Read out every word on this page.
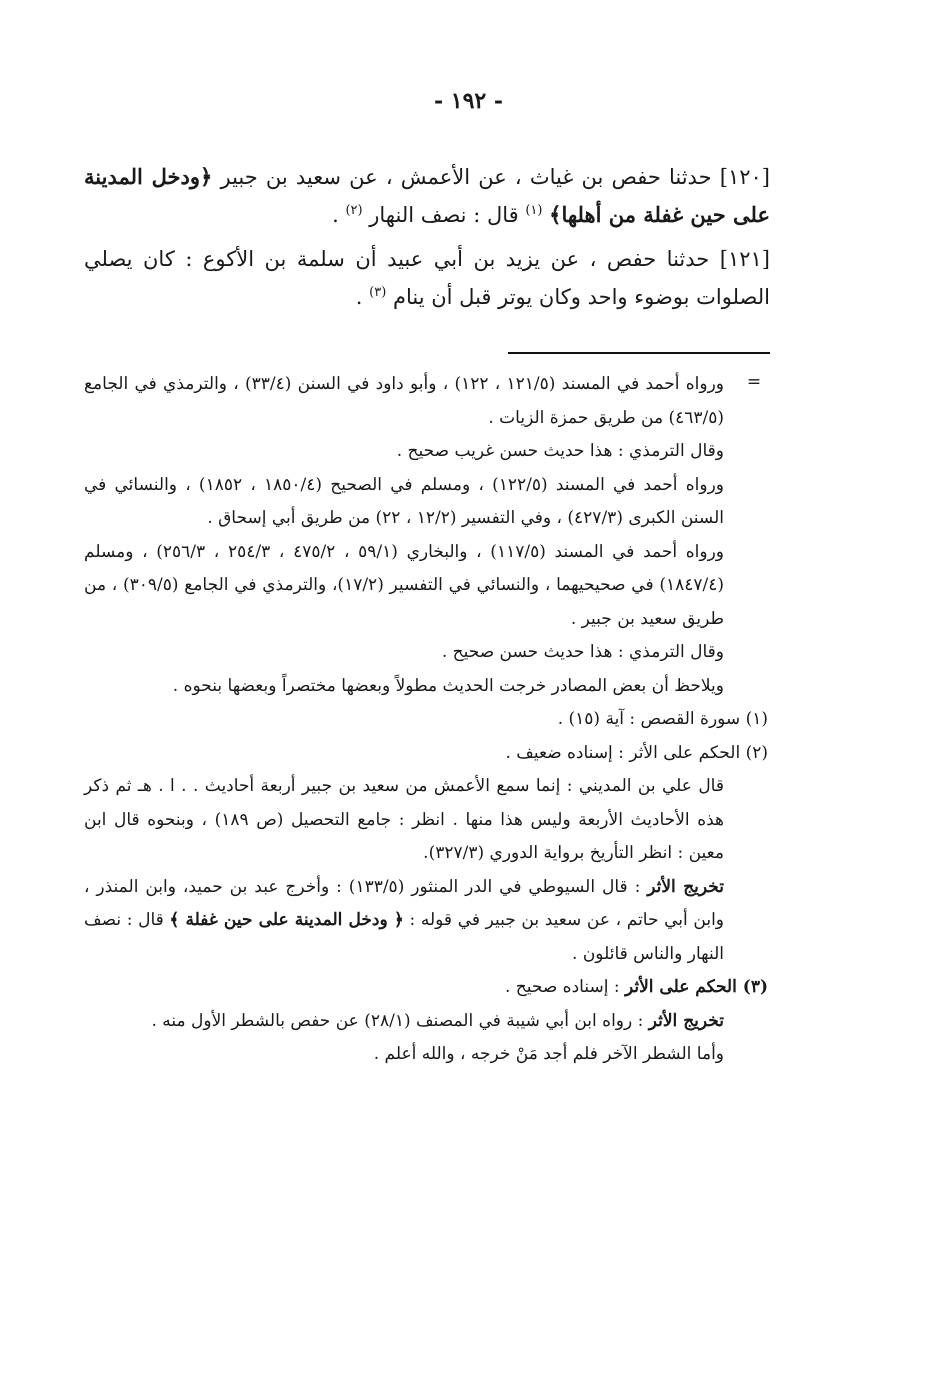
- ١٩٢ -

[١٢٠] حدثنا حفص بن غياث ، عن الأعمش ، عن سعيد بن جبير ﴿ودخل المدينة على حين غفلة من أهلها﴾ $^{(١)}$ قال : نصف النهار $^{(٢)}$ .

[١٢١] حدثنا حفص ، عن يزيد بن أبي عبيد أن سلمة بن الأكوع : كان يصلي الصلوات بوضوء واحد وكان يوتر قبل أن ينام $^{(٣)}$ .

=

ورواه أحمد في المسند (١٢١/٥ ، ١٢٢) ، وأبو داود في السنن (٣٣/٤) ، والترمذي في الجامع (٤٦٣/٥) من طريق حمزة الزيات .

وقال الترمذي : هذا حديث حسن غريب صحيح .

ورواه أحمد في المسند (١٢٢/٥) ، ومسلم في الصحيح (١٨٥٠/٤ ، ١٨٥٢) ، والنسائي في السنن الكبرى (٤٢٧/٣) ، وفي التفسير (١٢/٢ ، ٢٢) من طريق أبي إسحاق .

ورواه أحمد في المسند (١١٧/٥) ، والبخاري (٥٩/١ ، ٤٧٥/٢ ، ٢٥٤/٣ ، ٢٥٦/٣) ، ومسلم (١٨٤٧/٤) في صحيحيهما ، والنسائي في التفسير (١٧/٢)، والترمذي في الجامع (٣٠٩/٥) ، من طريق سعيد بن جبير .

وقال الترمذي : هذا حديث حسن صحيح .

ويلاحظ أن بعض المصادر خرجت الحديث مطولاً وبعضها مختصراً وبعضها بنحوه .

(١) سورة القصص : آية (١٥) .

(٢) الحكم على الأثر : إسناده ضعيف .

قال علي بن المديني : إنما سمع الأعمش من سعيد بن جبير أربعة أحاديث . . ا . هـ ثم ذكر هذه الأحاديث الأربعة وليس هذا منها . انظر : جامع التحصيل (ص ١٨٩) ، وبنحوه قال ابن معين : انظر التأريخ برواية الدوري (٣٢٧/٣).

تخريج الأثر : قال السيوطي في الدر المنثور (١٣٣/٥) : وأخرج عبد بن حميد، وابن المنذر ، وابن أبي حاتم ، عن سعيد بن جبير في قوله : ﴿ ودخل المدينة على حين غفلة ﴾ قال : نصف النهار والناس قائلون .

(٣) الحكم على الأثر : إسناده صحيح .

تخريج الأثر : رواه ابن أبي شيبة في المصنف (٢٨/١) عن حفص بالشطر الأول منه .

وأما الشطر الآخر فلم أجد مَنْ خرجه ، والله أعلم .
